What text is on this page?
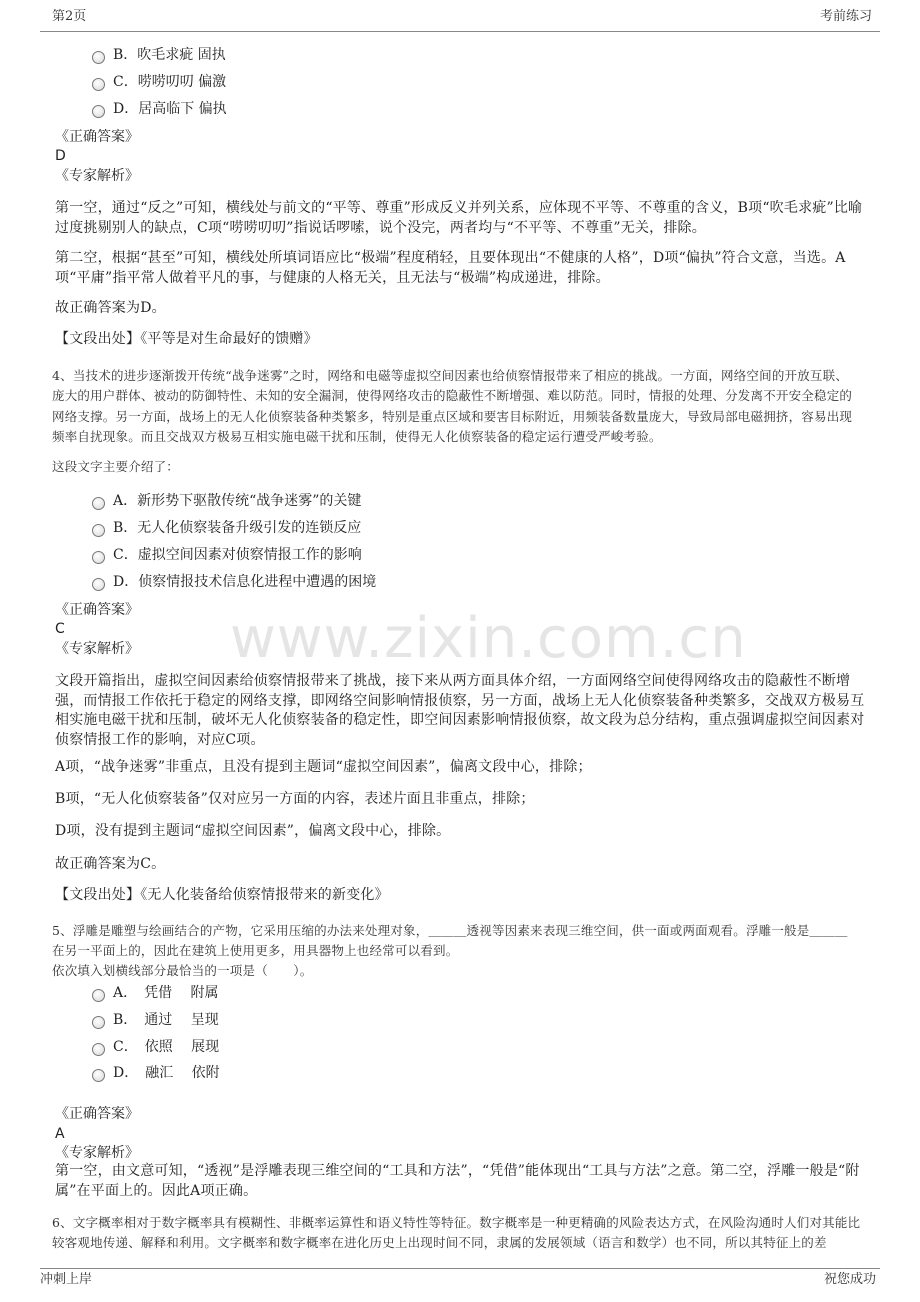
第2页	考前练习
www.zixin.com.cn
B．吹毛求疵 固执
C．唠唠叨叨 偏激
D．居高临下 偏执
《正确答案》
D
《专家解析》
第一空，通过“反之”可知，横线处与前文的“平等、尊重”形成反义并列关系，应体现不平等、不尊重的含义，B项“吹毛求疵”比喻过度挑剔别人的缺点，C项“唠唠叨叨”指说话啰嗦，说个没完，两者均与“不平等、不尊重”无关，排除。
第二空，根据“甚至”可知，横线处所填词语应比“极端”程度稍轻，且要体现出“不健康的人格”，D项“偏执”符合文意，当选。A项“平庸”指平常人做着平凡的事，与健康的人格无关，且无法与“极端”构成递进，排除。
故正确答案为D。
【文段出处】《平等是对生命最好的馈赠》
4、当技术的进步逐渐拨开传统“战争迷雾”之时，网络和电磁等虚拟空间因素也给侦察情报带来了相应的挑战。一方面，网络空间的开放互联、庞大的用户群体、被动的防御特性、未知的安全漏洞，使得网络攻击的隐蔽性不断增强、难以防范。同时，情报的处理、分发离不开安全稳定的网络支撑。另一方面，战场上的无人化侦察装备种类繁多，特别是重点区域和要害目标附近，用频装备数量庞大，导致局部电磁拥挤，容易出现频率自扰现象。而且交战双方极易互相实施电磁干扰和压制，使得无人化侦察装备的稳定运行遭受严峻考验。
这段文字主要介绍了：
A．新形势下驱散传统“战争迷雾”的关键
B．无人化侦察装备升级引发的连锁反应
C．虚拟空间因素对侦察情报工作的影响
D．侦察情报技术信息化进程中遭遇的困境
《正确答案》
C
《专家解析》
文段开篇指出，虚拟空间因素给侦察情报带来了挑战，接下来从两方面具体介绍，一方面网络空间使得网络攻击的隐蔽性不断增强，而情报工作依托于稳定的网络支撑，即网络空间影响情报侦察，另一方面，战场上无人化侦察装备种类繁多，交战双方极易互相实施电磁干扰和压制，破坏无人化侦察装备的稳定性，即空间因素影响情报侦察，故文段为总分结构，重点强调虚拟空间因素对侦察情报工作的影响，对应C项。
A项，“战争迷雾”非重点，且没有提到主题词“虚拟空间因素”，偏离文段中心，排除；
B项，“无人化侦察装备”仅对应另一方面的内容，表述片面且非重点，排除；
D项，没有提到主题词“虚拟空间因素”，偏离文段中心，排除。
故正确答案为C。
【文段出处】《无人化装备给侦察情报带来的新变化》
5、浮雕是雕塑与绘画结合的产物，它采用压缩的办法来处理对象，＿＿＿透视等因素来表现三维空间，供一面或两面观看。浮雕一般是＿＿＿在另一平面上的，因此在建筑上使用更多，用具器物上也经常可以看到。
依次填入划横线部分最恰当的一项是（　　）。
A．　凭借　 附属
B．　通过　 呈现
C．　依照　 展现
D．　融汇　 依附
《正确答案》
A
《专家解析》
第一空，由文意可知，“透视”是浮雕表现三维空间的“工具和方法”，“凭借”能体现出“工具与方法”之意。第二空，浮雕一般是“附属”在平面上的。因此A项正确。
6、文字概率相对于数字概率具有模糊性、非概率运算性和语义特性等特征。数字概率是一种更精确的风险表达方式，在风险沟通时人们对其能比较客观地传递、解释和利用。文字概率和数字概率在进化历史上出现时间不同，隶属的发展领域（语言和数学）也不同，所以其特征上的差
冲刺上岸	祝您成功
